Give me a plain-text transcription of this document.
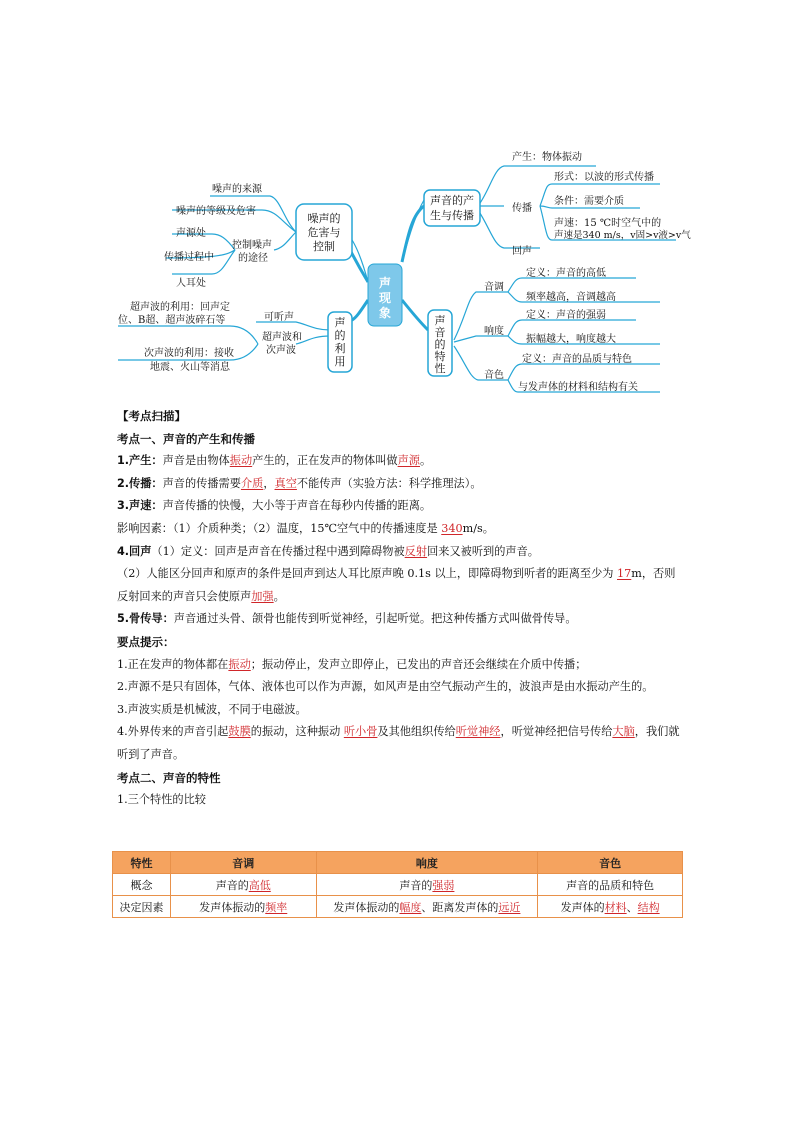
声
现
象
噪声的
危害与
控制
噪声的来源
噪声的等级及危害
控制噪声
的途径
声源处
传播过程中
人耳处
声音的产
生与传播
产生：物体振动
传播
形式：以波的形式传播
条件：需要介质
声速：15 ℃时空气中的
声速是340 m/s，v固>v液>v气
回声
声
的
利
用
可听声
超声波和
次声波
超声波的利用：回声定
位、B超、超声波碎石等
次声波的利用：接收
地震、火山等消息
声
音
的
特
性
音调
定义：声音的高低
频率越高，音调越高
响度
定义：声音的强弱
振幅越大，响度越大
音色
定义：声音的品质与特色
与发声体的材料和结构有关
【考点扫描】
考点一、声音的产生和传播
1.产生：声音是由物体振动产生的，正在发声的物体叫做声源。
2.传播：声音的传播需要介质，真空不能传声（实验方法：科学推理法）。
3.声速：声音传播的快慢，大小等于声音在每秒内传播的距离。
影响因素：（1）介质种类；（2）温度，15℃空气中的传播速度是 340m/s。
4.回声（1）定义：回声是声音在传播过程中遇到障碍物被反射回来又被听到的声音。
（2）人能区分回声和原声的条件是回声到达人耳比原声晚 0.1s 以上，即障碍物到听者的距离至少为 17m，否则反射回来的声音只会使原声加强。
5.骨传导：声音通过头骨、颌骨也能传到听觉神经，引起听觉。把这种传播方式叫做骨传导。
要点提示：
1.正在发声的物体都在振动；振动停止，发声立即停止，已发出的声音还会继续在介质中传播；
2.声源不是只有固体，气体、液体也可以作为声源，如风声是由空气振动产生的，波浪声是由水振动产生的。
3.声波实质是机械波，不同于电磁波。
4.外界传来的声音引起鼓膜的振动，这种振动 听小骨及其他组织传给听觉神经，听觉神经把信号传给大脑，我们就听到了声音。
考点二、声音的特性
1.三个特性的比较
特性	音调	响度	音色
概念	声音的高低	声音的强弱	声音的品质和特色
决定因素	发声体振动的频率	发声体振动的幅度、距离发声体的远近	发声体的材料、结构
